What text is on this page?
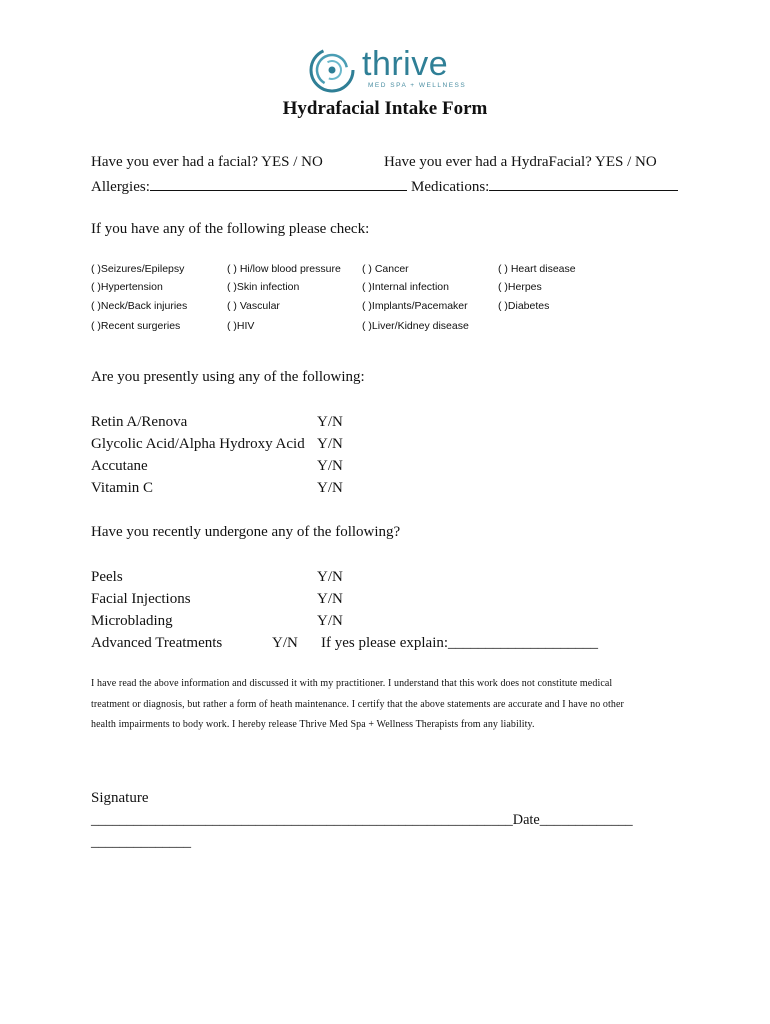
thrive
MED SPA + WELLNESS
Hydrafacial Intake Form
Have you ever had a facial? YES / NO	Have you ever had a HydraFacial? YES / NO
Allergies:	Medications:
If you have any of the following please check:
( )Seizures/Epilepsy	( ) Hi/low blood pressure ( ) Cancer	( ) Heart disease
( )Hypertension	( )Skin infection	( )Internal infection	( )Herpes
( )Neck/Back injuries	( ) Vascular	( )Implants/Pacemaker	( )Diabetes
( )Recent surgeries	( )HIV	( )Liver/Kidney disease
Are you presently using any of the following:
Retin A/Renova	Y/N
Glycolic Acid/Alpha Hydroxy Acid Y/N
Accutane	Y/N
Vitamin C	Y/N
Have you recently undergone any of the following?
Peels	Y/N
Facial Injections	Y/N
Microblading	Y/N
Advanced Treatments	Y/N If yes please explain:____________________
I have read the above information and discussed it with my practitioner. I understand that this work does not constitute medical
treatment or diagnosis, but rather a form of heath maintenance. I certify that the above statements are accurate and I have no other
health impairments to body work. I hereby release Thrive Med Spa + Wellness Therapists from any liability.
Signature
___________________________________________________________Date_____________
______________
